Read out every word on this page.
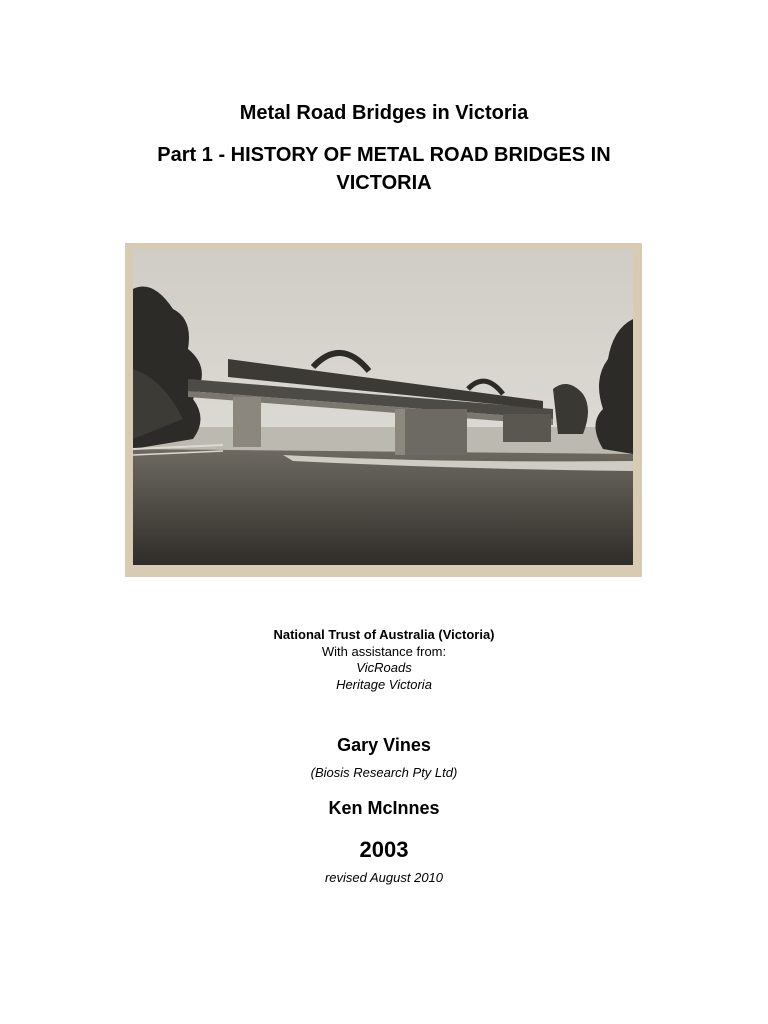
Metal Road Bridges in Victoria
Part 1 - HISTORY OF METAL ROAD BRIDGES IN
VICTORIA
National Trust of Australia (Victoria)
With assistance from:
VicRoads
Heritage Victoria
Gary Vines
(Biosis Research Pty Ltd)
Ken McInnes
2003
revised August 2010
